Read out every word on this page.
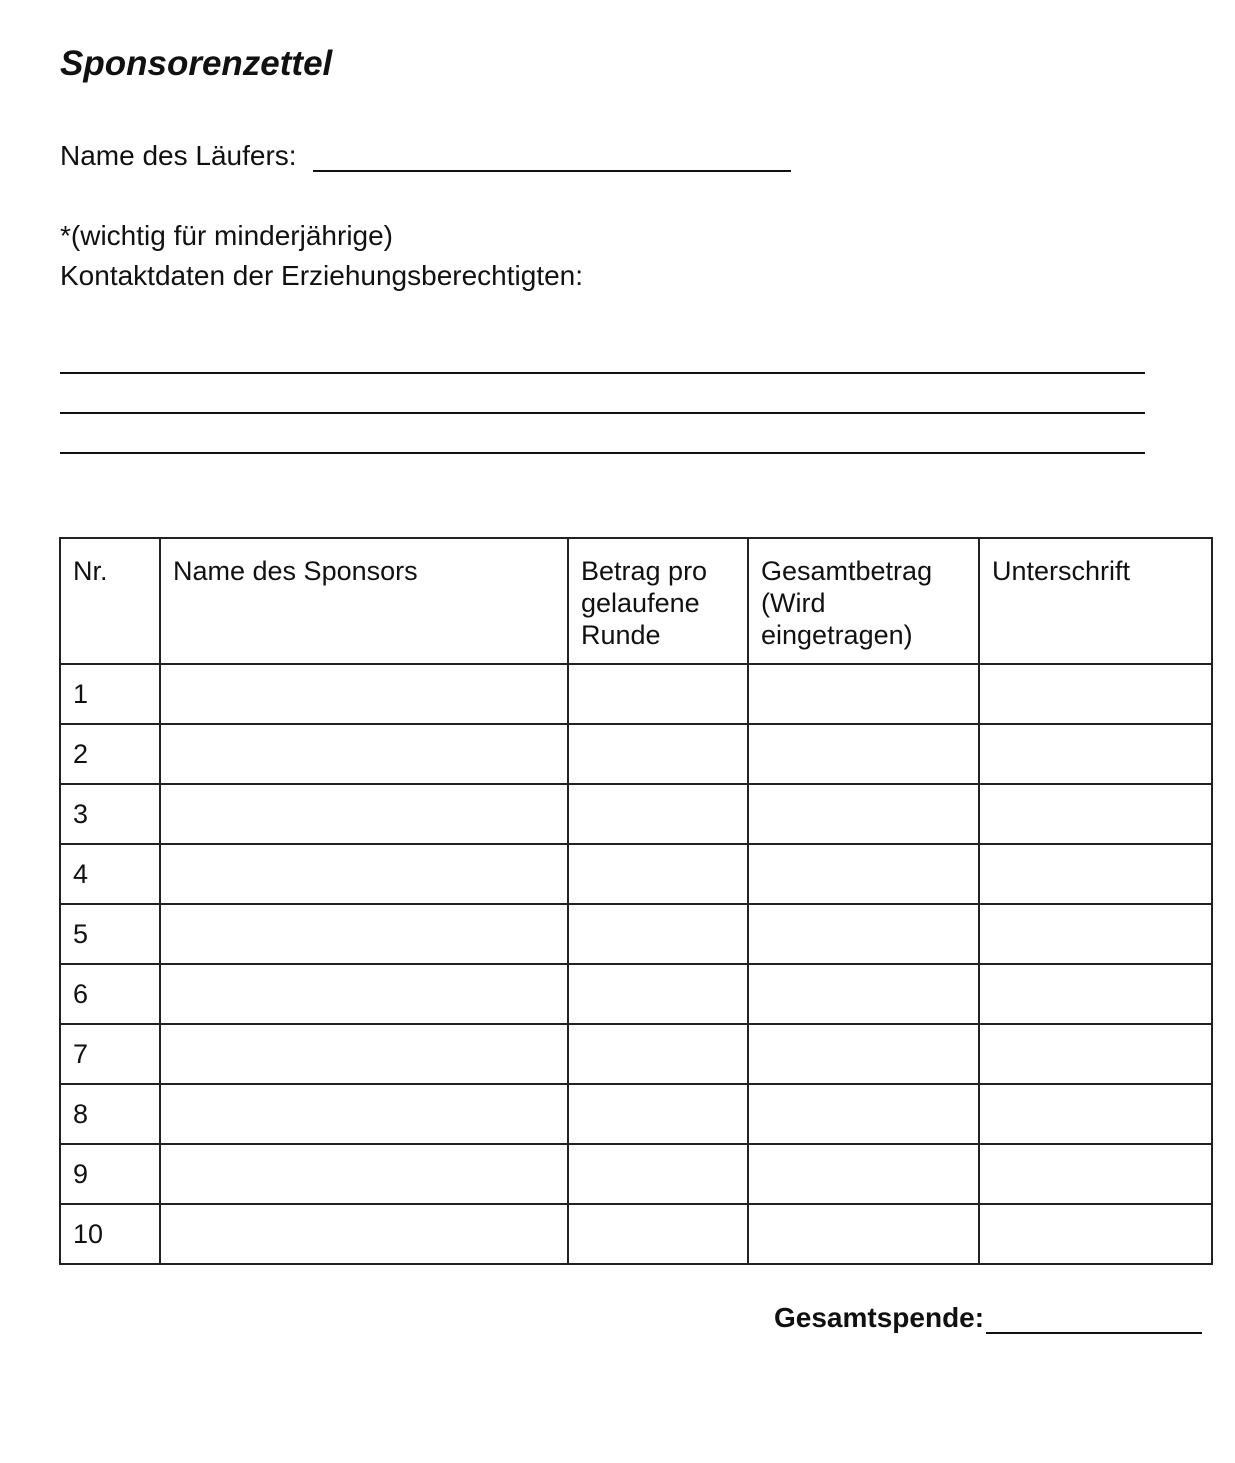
Sponsorenzettel
Name des Läufers:
*(wichtig für minderjährige)
Kontaktdaten der Erziehungsberechtigten:
Nr.	Name des Sponsors	Betrag pro gelaufene Runde	Gesamtbetrag (Wird eingetragen)	Unterschrift

1				

2				

3				

4				

5				

6				

7				

8				

9				

10				

Gesamtspende:
